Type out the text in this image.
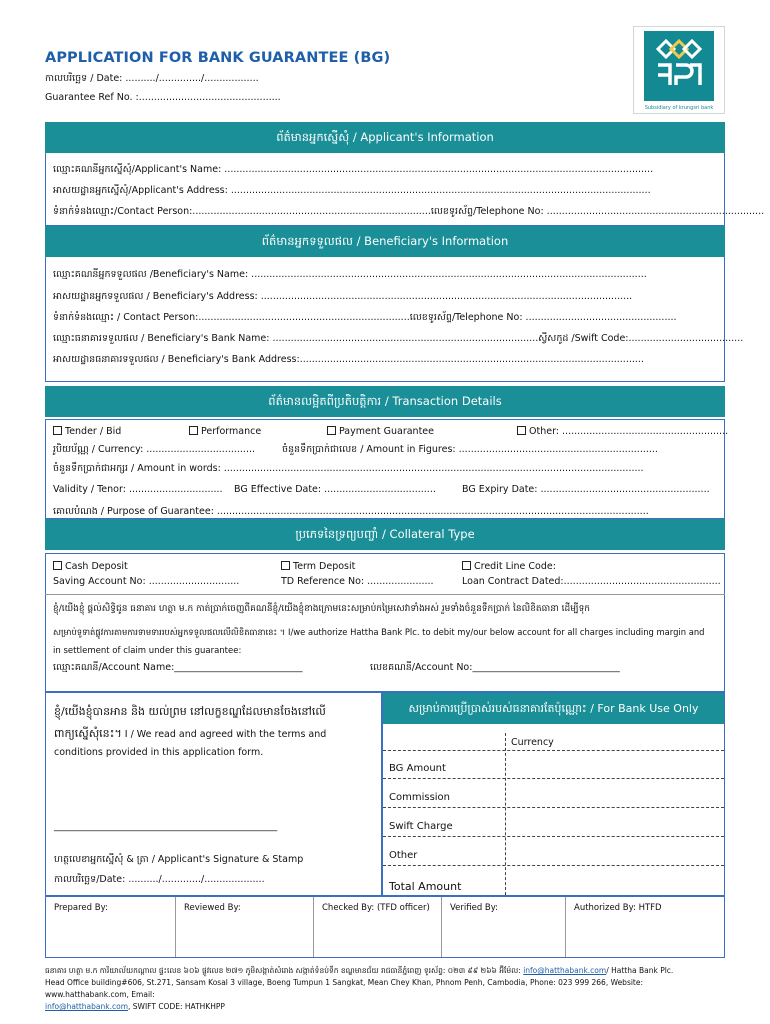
APPLICATION FOR BANK GUARANTEE (BG)
កាលបរិច្ឆេទ / Date: ........../............../..................
Guarantee Ref No. :...............................................
Subsidiary of krungsri bank
ព័ត៌មានអ្នកស្នើសុំ / Applicant's Information
ឈ្មោះគណនីអ្នកស្នើសុំ/Applicant's Name: ..............................................................................................................................................
អាសយដ្ឋានអ្នកស្នើសុំ/Applicant's Address: ...........................................................................................................................................
ទំនាក់ទំនងឈ្មោះ/Contact Person:...............................................................................លេខទូរស័ព្ទ/Telephone No: ........................................................................
ព័ត៌មានអ្នកទទួលផល / Beneficiary's Information
ឈ្មោះគណនីអ្នកទទួលផល /Beneficiary's Name: ...................................................................................................................................
អាសយដ្ឋានអ្នកទទួលផល / Beneficiary's Address: ...........................................................................................................................
ទំនាក់ទំនងឈ្មោះ / Contact Person:......................................................................លេខទូរស័ព្ទ/Telephone No: ..................................................
ឈ្មោះធនាគារទទួលផល / Beneficiary's Bank Name: ........................................................................................ស្វីសកូដ /Swift Code:......................................
អាសយដ្ឋានធនាគារទទួលផល / Beneficiary's Bank Address:..................................................................................................................
ព័ត៌មានលម្អិតពីប្រតិបត្តិការ / Transaction Details
Tender / Bid	Performance	Payment Guarantee	Other: .......................................................
រូបិយប័ណ្ណ / Currency: ....................................	ចំនួនទឹកប្រាក់ជាលេខ / Amount in Figures: ..................................................................
ចំនួនទឹកប្រាក់ជាអក្សរ / Amount in words: ...........................................................................................................................................
Validity / Tenor: ............................... BG Effective Date: .....................................	BG Expiry Date: ........................................................
គោលបំណង / Purpose of Guarantee: ...............................................................................................................................................
ប្រភេទនៃទ្រព្យបញ្ចាំ / Collateral Type
Cash Deposit	Term Deposit	Credit Line Code:
Saving Account No: ..............................	TD Reference No: ......................	Loan Contract Dated:....................................................
ខ្ញុំ/យើងខ្ញុំ ផ្តល់សិទ្ធិជូន ធនាគារ ហត្ថា ម.ក កាត់ប្រាក់ចេញពីគណនីខ្ញុំ/យើងខ្ញុំខាងក្រោមនេះសម្រាប់កម្រៃសេវាទាំងអស់ រួមទាំងចំនួនទឹកប្រាក់ នៃលិខិតធានា ដើម្បីទុក
សម្រាប់ទូទាត់ផ្លូវការតាមការទាមទាររបស់អ្នកទទួលផលលើលិខិតធានានេះ ។ I/we authorize Hattha Bank Plc. to debit my/our below account for all charges including margin and
in settlement of claim under this guarantee:
ឈ្មោះគណនី/Account Name:___________________________	លេខគណនី/Account No:_______________________________
ខ្ញុំ/យើងខ្ញុំបានអាន និង យល់ព្រម នៅលក្ខខណ្ឌដែលមានចែងនៅលើ
ពាក្យស្នើសុំនេះ។ I / We read and agreed with the terms and
conditions provided in this application form.
_______________________________________________
ហត្ថលេខាអ្នកស្នើសុំ & ត្រា / Applicant's Signature & Stamp
កាលបរិច្ឆេទ/Date: ........../............./....................
សម្រាប់ការប្រើប្រាស់របស់ធនាគារតែប៉ុណ្ណោះ / For Bank Use Only
Currency
BG Amount
Commission
Swift Charge
Other
Total Amount
Prepared By:	Reviewed By:	Checked By: (TFD officer)	Verified By:	Authorized By: HTFD
ធនាគារ ហត្ថា ម.ក ការិយាល័យកណ្តាល ផ្ទះលេខ ៦០៦ ផ្លូវលេខ ២៧១ ភូមិសង្កាត់សំរោង សង្កាត់ទំនប់ទឹក ខណ្ឌមានជ័យ រាជធានីភ្នំពេញ ទូរស័ព្ទ: ០២៣ ៩៩ ២៦៦ អ៊ីម៉ែល: info@hatthabank.com/ Hattha Bank Plc.
Head Office building#606, St.271, Sansam Kosal 3 village, Boeng Tumpun 1 Sangkat, Mean Chey Khan, Phnom Penh, Cambodia, Phone: 023 999 266, Website: www.hatthabank.com, Email:
info@hatthabank.com, SWIFT CODE: HATHKHPP
